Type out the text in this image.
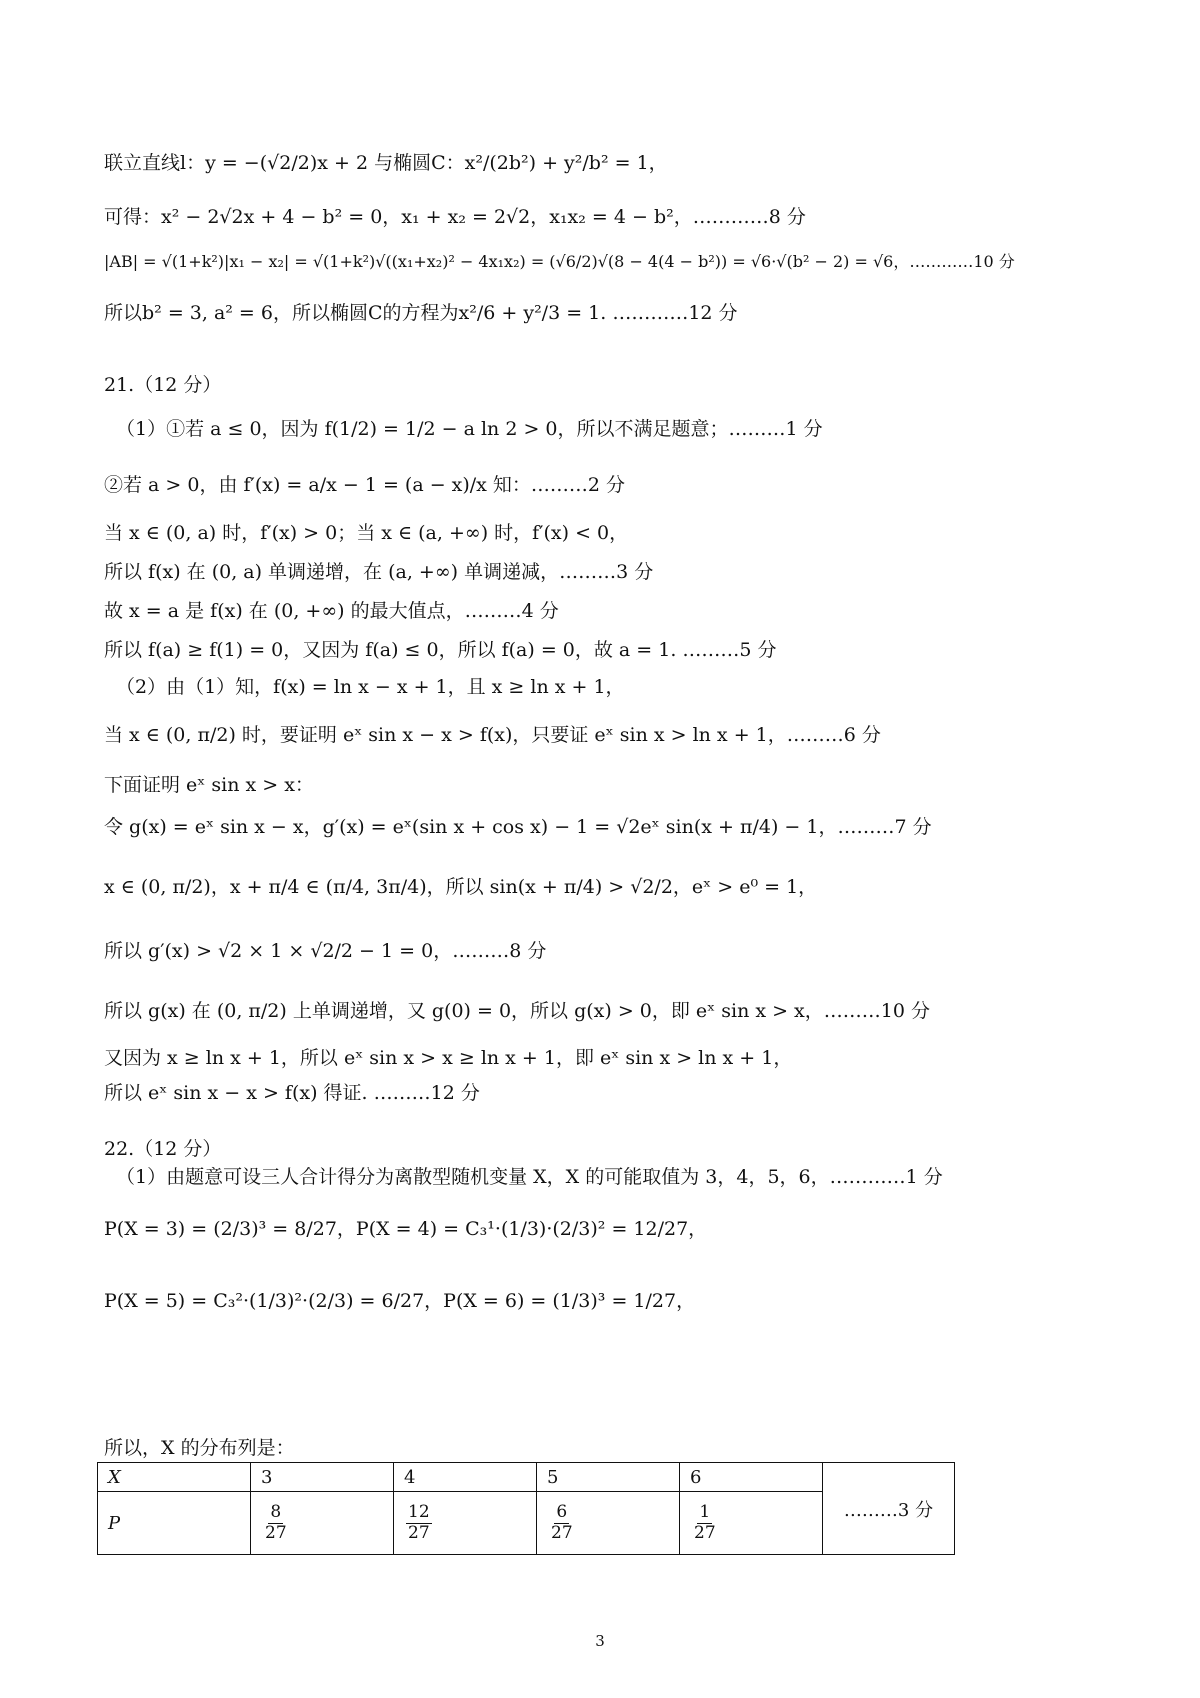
联立直线l：y = −(√2/2)x + 2 与椭圆C：x²/(2b²) + y²/b² = 1，
可得：x² − 2√2x + 4 − b² = 0，x₁ + x₂ = 2√2，x₁x₂ = 4 − b²，…………8 分
|AB| = √(1+k²)|x₁ − x₂| = √(1+k²)√((x₁+x₂)² − 4x₁x₂) = (√6/2)√(8 − 4(4 − b²)) = √6·√(b² − 2) = √6，…………10 分
所以b² = 3, a² = 6，所以椭圆C的方程为x²/6 + y²/3 = 1. …………12 分
21.（12 分）
（1）①若 a ≤ 0，因为 f(1/2) = 1/2 − a ln 2 > 0，所以不满足题意；………1 分
②若 a > 0，由 f′(x) = a/x − 1 = (a − x)/x 知：………2 分
当 x ∈ (0, a) 时，f′(x) > 0；当 x ∈ (a, +∞) 时，f′(x) < 0，
所以 f(x) 在 (0, a) 单调递增，在 (a, +∞) 单调递减，………3 分
故 x = a 是 f(x) 在 (0, +∞) 的最大值点，………4 分
所以 f(a) ≥ f(1) = 0，又因为 f(a) ≤ 0，所以 f(a) = 0，故 a = 1. ………5 分
（2）由（1）知，f(x) = ln x − x + 1，且 x ≥ ln x + 1，
当 x ∈ (0, π/2) 时，要证明 eˣ sin x − x > f(x)，只要证 eˣ sin x > ln x + 1，………6 分
下面证明 eˣ sin x > x：
令 g(x) = eˣ sin x − x，g′(x) = eˣ(sin x + cos x) − 1 = √2eˣ sin(x + π/4) − 1，………7 分
x ∈ (0, π/2)，x + π/4 ∈ (π/4, 3π/4)，所以 sin(x + π/4) > √2/2，eˣ > e⁰ = 1，
所以 g′(x) > √2 × 1 × √2/2 − 1 = 0，………8 分
所以 g(x) 在 (0, π/2) 上单调递增，又 g(0) = 0，所以 g(x) > 0，即 eˣ sin x > x，………10 分
又因为 x ≥ ln x + 1，所以 eˣ sin x > x ≥ ln x + 1，即 eˣ sin x > ln x + 1，
所以 eˣ sin x − x > f(x) 得证. ………12 分
22.（12 分）
（1）由题意可设三人合计得分为离散型随机变量 X，X 的可能取值为 3，4，5，6，…………1 分
P(X = 3) = (2/3)³ = 8/27，P(X = 4) = C₃¹·(1/3)·(2/3)² = 12/27，
P(X = 5) = C₃²·(1/3)²·(2/3) = 6/27，P(X = 6) = (1/3)³ = 1/27，
所以，X 的分布列是：
X	3	4	5	6	………3 分
P	$\frac{8}{27}$	$\frac{12}{27}$	$\frac{6}{27}$	$\frac{1}{27}$
3
